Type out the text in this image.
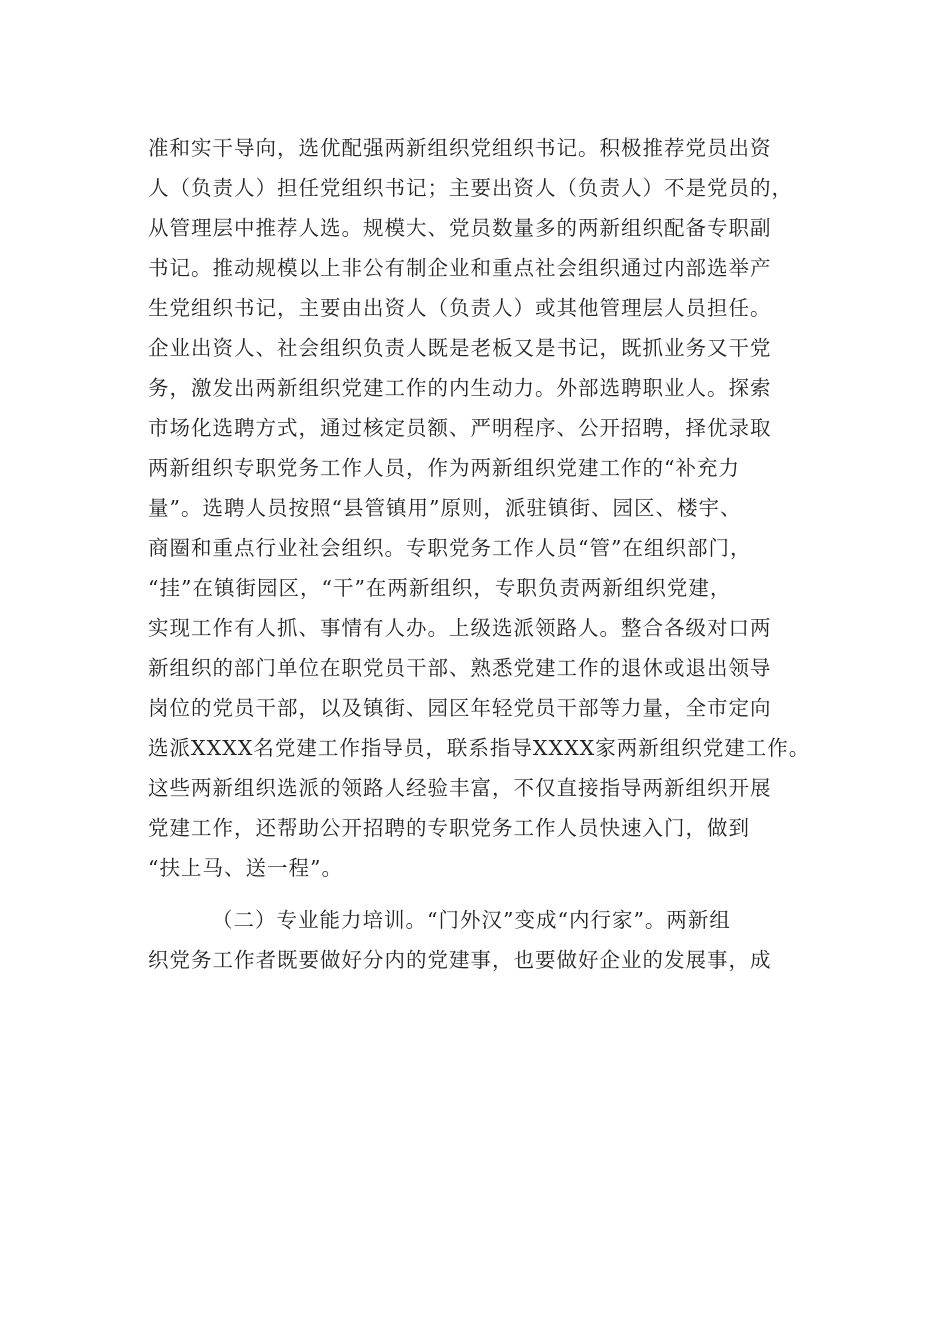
准和实干导向，选优配强两新组织党组织书记。积极推荐党员出资
人（负责人）担任党组织书记；主要出资人（负责人）不是党员的，
从管理层中推荐人选。规模大、党员数量多的两新组织配备专职副
书记。推动规模以上非公有制企业和重点社会组织通过内部选举产
生党组织书记，主要由出资人（负责人）或其他管理层人员担任。
企业出资人、社会组织负责人既是老板又是书记，既抓业务又干党
务，激发出两新组织党建工作的内生动力。外部选聘职业人。探索
市场化选聘方式，通过核定员额、严明程序、公开招聘，择优录取
两新组织专职党务工作人员，作为两新组织党建工作的“补充力
量”。选聘人员按照“县管镇用”原则，派驻镇街、园区、楼宇、
商圈和重点行业社会组织。专职党务工作人员“管”在组织部门，
“挂”在镇街园区，“干”在两新组织，专职负责两新组织党建，
实现工作有人抓、事情有人办。上级选派领路人。整合各级对口两
新组织的部门单位在职党员干部、熟悉党建工作的退休或退出领导
岗位的党员干部，以及镇街、园区年轻党员干部等力量，全市定向
选派XXXX名党建工作指导员，联系指导XXXX家两新组织党建工作。
这些两新组织选派的领路人经验丰富，不仅直接指导两新组织开展
党建工作，还帮助公开招聘的专职党务工作人员快速入门，做到
“扶上马、送一程”。
（二）专业能力培训。“门外汉”变成“内行家”。两新组
织党务工作者既要做好分内的党建事，也要做好企业的发展事，成
